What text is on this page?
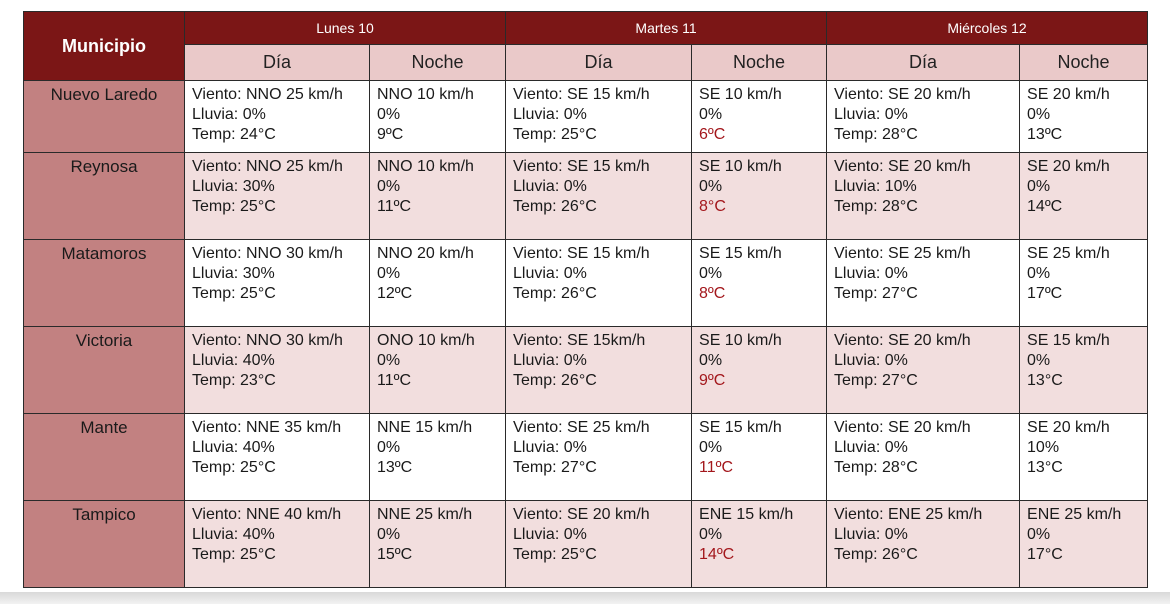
Municipio	Lunes 10		Martes 11		Miércoles 12	
	Día	Noche	Día	Noche	Día	Noche
Nuevo Laredo	Viento: NNO 25 km/h
Lluvia: 0%
Temp: 24°C	NNO 10 km/h
0%
9ºC	Viento: SE 15 km/h
Lluvia: 0%
Temp: 25°C	SE 10 km/h
0%
6ºC	Viento: SE 20 km/h
Lluvia: 0%
Temp: 28°C	SE 20 km/h
0%
13ºC

Reynosa	Viento: NNO 25 km/h
Lluvia: 30%
Temp: 25°C	NNO 10 km/h
0%
11ºC	Viento: SE 15 km/h
Lluvia: 0%
Temp: 26°C	SE 10 km/h
0%
8°C	Viento: SE 20 km/h
Lluvia: 10%
Temp: 28°C	SE 20 km/h
0%
14ºC

Matamoros	Viento: NNO 30 km/h
Lluvia: 30%
Temp: 25°C	NNO 20 km/h
0%
12ºC	Viento: SE 15 km/h
Lluvia: 0%
Temp: 26°C	SE 15 km/h
0%
8ºC	Viento: SE 25 km/h
Lluvia: 0%
Temp: 27°C	SE 25 km/h
0%
17ºC

Victoria	Viento: NNO 30 km/h
Lluvia: 40%
Temp: 23°C	ONO 10 km/h
0%
11ºC	Viento: SE 15km/h
Lluvia: 0%
Temp: 26°C	SE 10 km/h
0%
9ºC	Viento: SE 20 km/h
Lluvia: 0%
Temp: 27°C	SE 15 km/h
0%
13°C

Mante	Viento: NNE 35 km/h
Lluvia: 40%
Temp: 25°C	NNE 15 km/h
0%
13ºC	Viento: SE 25 km/h
Lluvia: 0%
Temp: 27°C	SE 15 km/h
0%
11ºC	Viento: SE 20 km/h
Lluvia: 0%
Temp: 28°C	SE 20 km/h
10%
13°C

Tampico	Viento: NNE 40 km/h
Lluvia: 40%
Temp: 25°C	NNE 25 km/h
0%
15ºC	Viento: SE 20 km/h
Lluvia: 0%
Temp: 25°C	ENE 15 km/h
0%
14ºC	Viento: ENE 25 km/h
Lluvia: 0%
Temp: 26°C	ENE 25 km/h
0%
17°C
